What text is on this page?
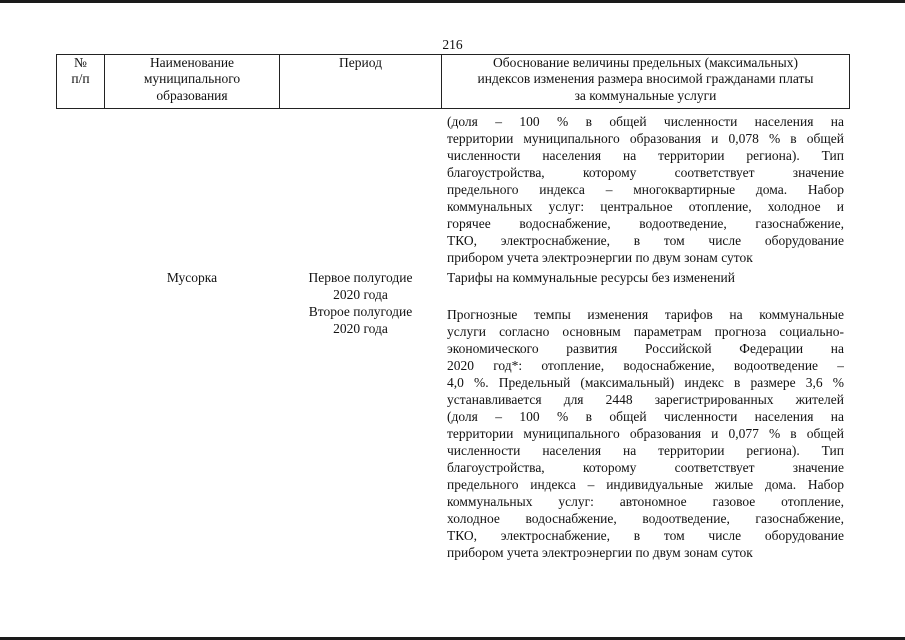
216
№
п/п
Наименование
муниципального
образования
Период	Обоснование величины предельных (максимальных)
индексов изменения размера вносимой гражданами платы
за коммунальные услуги
(доля – 100 % в общей численности населения на
территории муниципального образования и 0,078 % в общей
численности населения на территории региона). Тип
благоустройства, которому соответствует значение
предельного индекса – многоквартирные дома. Набор
коммунальных услуг: центральное отопление, холодное и
горячее водоснабжение, водоотведение, газоснабжение,
ТКО, электроснабжение, в том числе оборудование
прибором учета электроэнергии по двум зонам суток
Мусорка	Первое полугодие
2020 года
Тарифы на коммунальные ресурсы без изменений
Второе полугодие
2020 года
Прогнозные темпы изменения тарифов на коммунальные
услуги согласно основным параметрам прогноза социально-
экономического развития Российской Федерации на
2020 год*: отопление, водоснабжение, водоотведение –
4,0 %. Предельный (максимальный) индекс в размере 3,6 %
устанавливается для 2448 зарегистрированных жителей
(доля – 100 % в общей численности населения на
территории муниципального образования и 0,077 % в общей
численности населения на территории региона). Тип
благоустройства, которому соответствует значение
предельного индекса – индивидуальные жилые дома. Набор
коммунальных услуг: автономное газовое отопление,
холодное водоснабжение, водоотведение, газоснабжение,
ТКО, электроснабжение, в том числе оборудование
прибором учета электроэнергии по двум зонам суток
